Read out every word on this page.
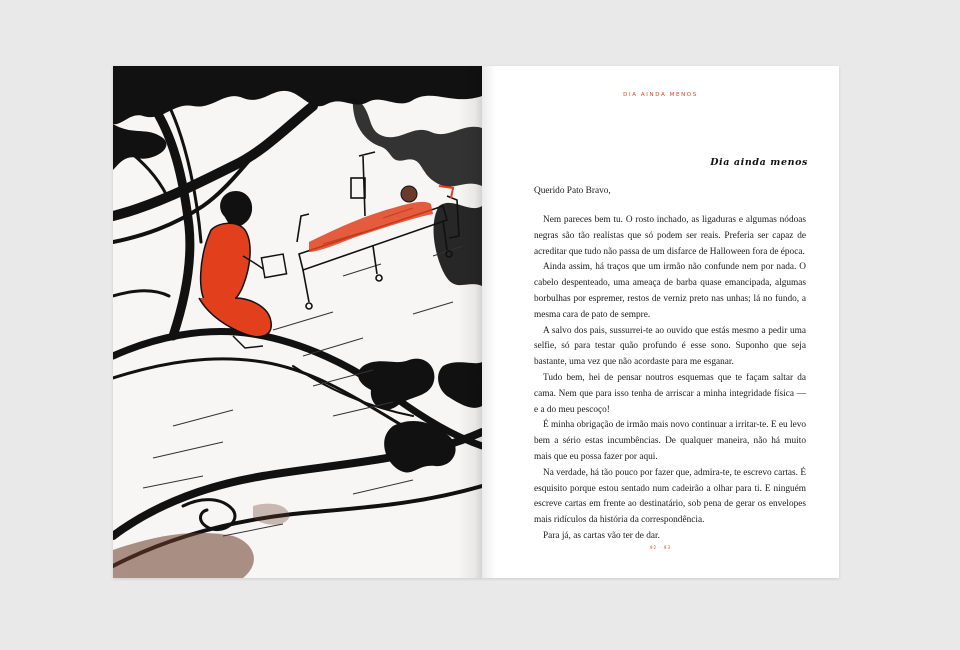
DIA AINDA MENOS
Dia ainda menos
Querido Pato Bravo,

Nem pareces bem tu. O rosto inchado, as ligaduras e algumas nódoas negras são tão realistas que só podem ser reais. Preferia ser capaz de acreditar que tudo não passa de um disfarce de Halloween fora de época.

Ainda assim, há traços que um irmão não confunde nem por nada. O cabelo despenteado, uma ameaça de barba quase emancipada, algumas borbulhas por espremer, restos de verniz preto nas unhas; lá no fundo, a mesma cara de pato de sempre.

A salvo dos pais, sussurrei-te ao ouvido que estás mesmo a pedir uma selfie, só para testar quão profundo é esse sono. Suponho que seja bastante, uma vez que não acordaste para me esganar.

Tudo bem, hei de pensar noutros esquemas que te façam saltar da cama. Nem que para isso tenha de arriscar a minha integridade física — e a do meu pescoço!

É minha obrigação de irmão mais novo continuar a irritar-te. E eu levo bem a sério estas incumbências. De qualquer maneira, não há muito mais que eu possa fazer por aqui.

Na verdade, há tão pouco por fazer que, admira-te, te escrevo cartas. É esquisito porque estou sentado num cadeirão a olhar para ti. E ninguém escreve cartas em frente ao destinatário, sob pena de gerar os envelopes mais ridículos da história da correspondência.

Para já, as cartas vão ter de dar.

92 · 93
